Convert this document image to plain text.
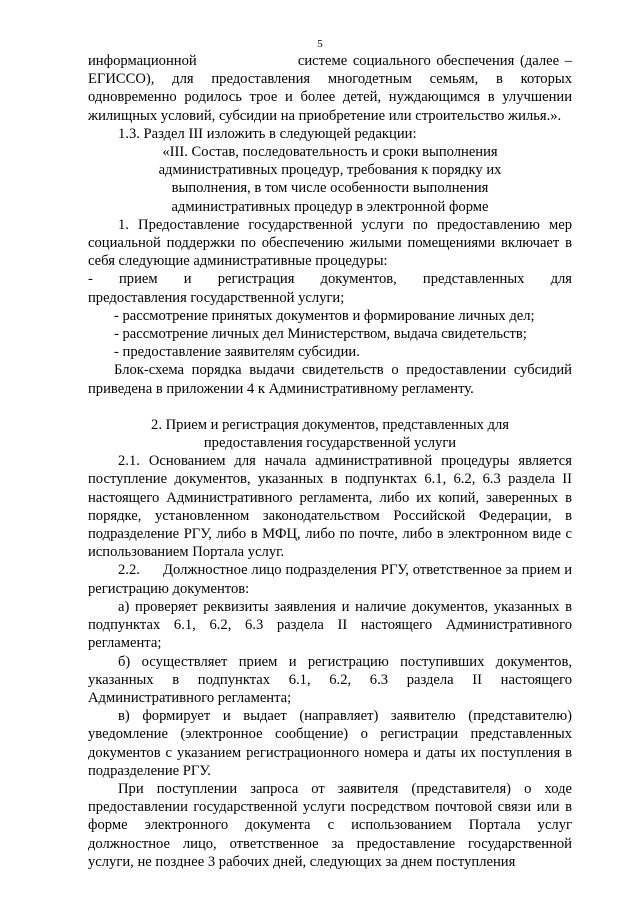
5

информационной                  системе социального обеспечения (далее – ЕГИССО), для предоставления многодетным семьям, в которых одновременно родилось трое и более детей, нуждающимся в улучшении жилищных условий, субсидии на приобретение или строительство жилья.».

1.3. Раздел III изложить в следующей редакции:

«III. Состав, последовательность и сроки выполнения

административных процедур, требования к порядку их

выполнения, в том числе особенности выполнения

административных процедур в электронной форме

1. Предоставление государственной услуги по предоставлению мер социальной поддержки по обеспечению жилыми помещениями включает в себя следующие административные процедуры:

-    прием    и    регистрация    документов,    представленных    для предоставления государственной услуги;

- рассмотрение принятых документов и формирование личных дел;

- рассмотрение личных дел Министерством, выдача свидетельств;

- предоставление заявителям субсидии.

Блок-схема порядка выдачи свидетельств о предоставлении субсидий приведена в приложении 4 к Административному регламенту.

2. Прием и регистрация документов, представленных для

предоставления государственной услуги

2.1. Основанием для начала административной процедуры является поступление документов, указанных в подпунктах 6.1, 6.2, 6.3 раздела II настоящего Административного регламента, либо их копий, заверенных в порядке, установленном законодательством Российской Федерации, в подразделение РГУ, либо в МФЦ, либо по почте, либо в электронном виде с использованием Портала услуг.

2.2.      Должностное лицо подразделения РГУ, ответственное за прием и регистрацию документов:

а) проверяет реквизиты заявления и наличие документов, указанных в подпунктах 6.1, 6.2, 6.3 раздела II настоящего Административного регламента;

б) осуществляет прием и регистрацию поступивших документов, указанных в подпунктах 6.1, 6.2, 6.3 раздела II настоящего Административного регламента;

в) формирует и выдает (направляет) заявителю (представителю) уведомление (электронное сообщение) о регистрации представленных документов с указанием регистрационного номера и даты их поступления в подразделение РГУ.

При поступлении запроса от заявителя (представителя) о ходе предоставлении государственной услуги посредством почтовой связи или в форме электронного документа с использованием Портала услуг должностное лицо, ответственное за предоставление государственной услуги, не позднее 3 рабочих дней, следующих за днем поступления
